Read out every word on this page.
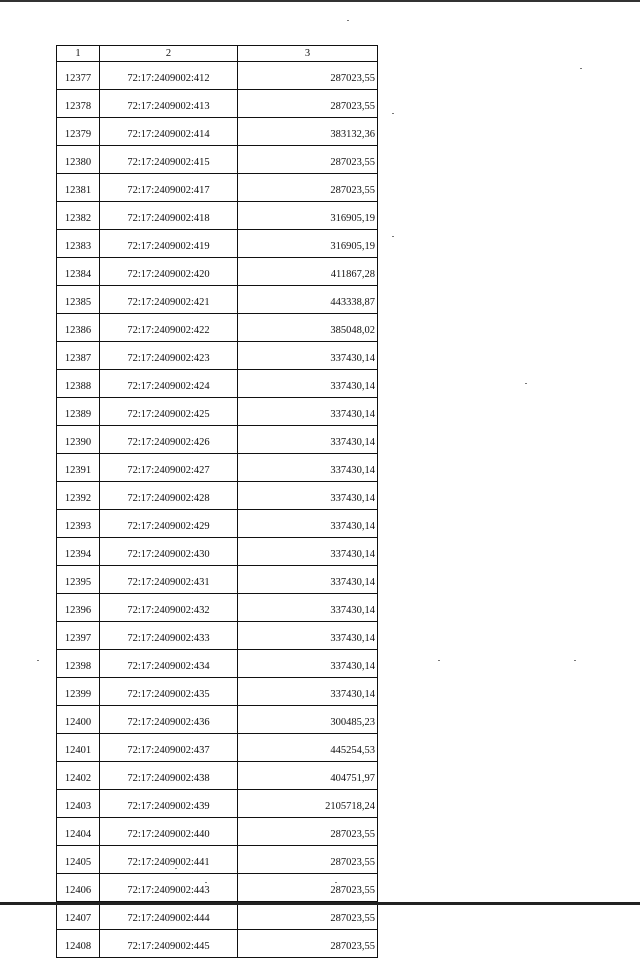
1	2	3
12377	72:17:2409002:412	287023,55
12378	72:17:2409002:413	287023,55
12379	72:17:2409002:414	383132,36
12380	72:17:2409002:415	287023,55
12381	72:17:2409002:417	287023,55
12382	72:17:2409002:418	316905,19
12383	72:17:2409002:419	316905,19
12384	72:17:2409002:420	411867,28
12385	72:17:2409002:421	443338,87
12386	72:17:2409002:422	385048,02
12387	72:17:2409002:423	337430,14
12388	72:17:2409002:424	337430,14
12389	72:17:2409002:425	337430,14
12390	72:17:2409002:426	337430,14
12391	72:17:2409002:427	337430,14
12392	72:17:2409002:428	337430,14
12393	72:17:2409002:429	337430,14
12394	72:17:2409002:430	337430,14
12395	72:17:2409002:431	337430,14
12396	72:17:2409002:432	337430,14
12397	72:17:2409002:433	337430,14
12398	72:17:2409002:434	337430,14
12399	72:17:2409002:435	337430,14
12400	72:17:2409002:436	300485,23
12401	72:17:2409002:437	445254,53
12402	72:17:2409002:438	404751,97
12403	72:17:2409002:439	2105718,24
12404	72:17:2409002:440	287023,55
12405	72:17:2409002:441	287023,55
12406	72:17:2409002:443	287023,55
12407	72:17:2409002:444	287023,55
12408	72:17:2409002:445	287023,55
